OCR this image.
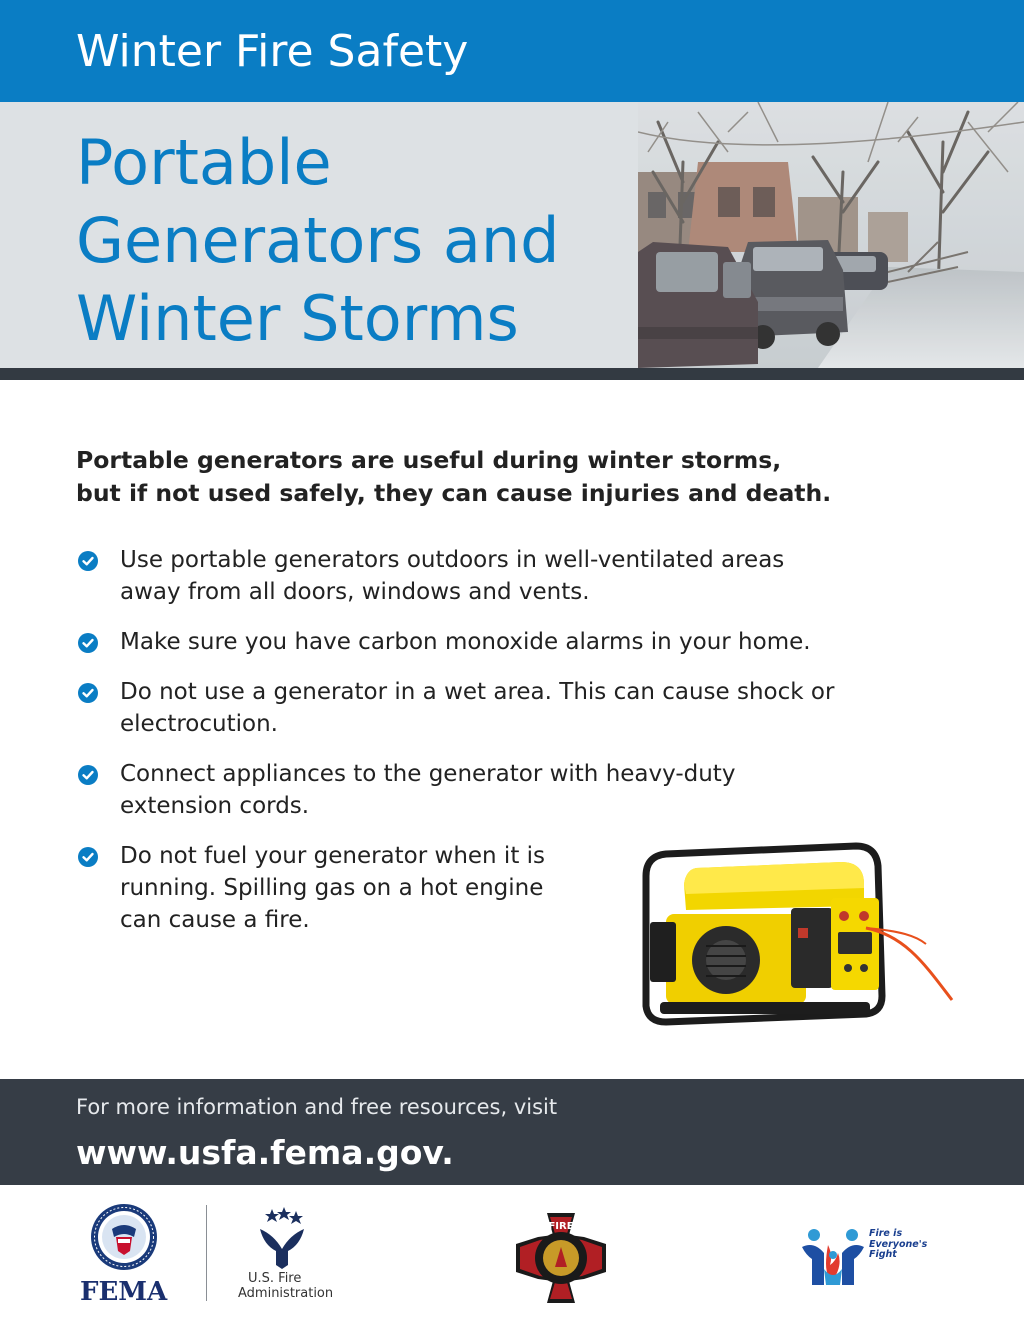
Winter Fire Safety
Portable
Generators and
Winter Storms
Portable generators are useful during winter storms,
but if not used safely, they can cause injuries and death.
Use portable generators outdoors in well-ventilated areas
away from all doors, windows and vents.
Make sure you have carbon monoxide alarms in your home.
Do not use a generator in a wet area. This can cause shock or
electrocution.
Connect appliances to the generator with heavy-duty
extension cords.
Do not fuel your generator when it is
running. Spilling gas on a hot engine
can cause a fire.
For more information and free resources, visit
www.usfa.fema.gov.
FEMA	U.S. Fire
Administration
FIRE
Fire is
Everyone's
Fight
